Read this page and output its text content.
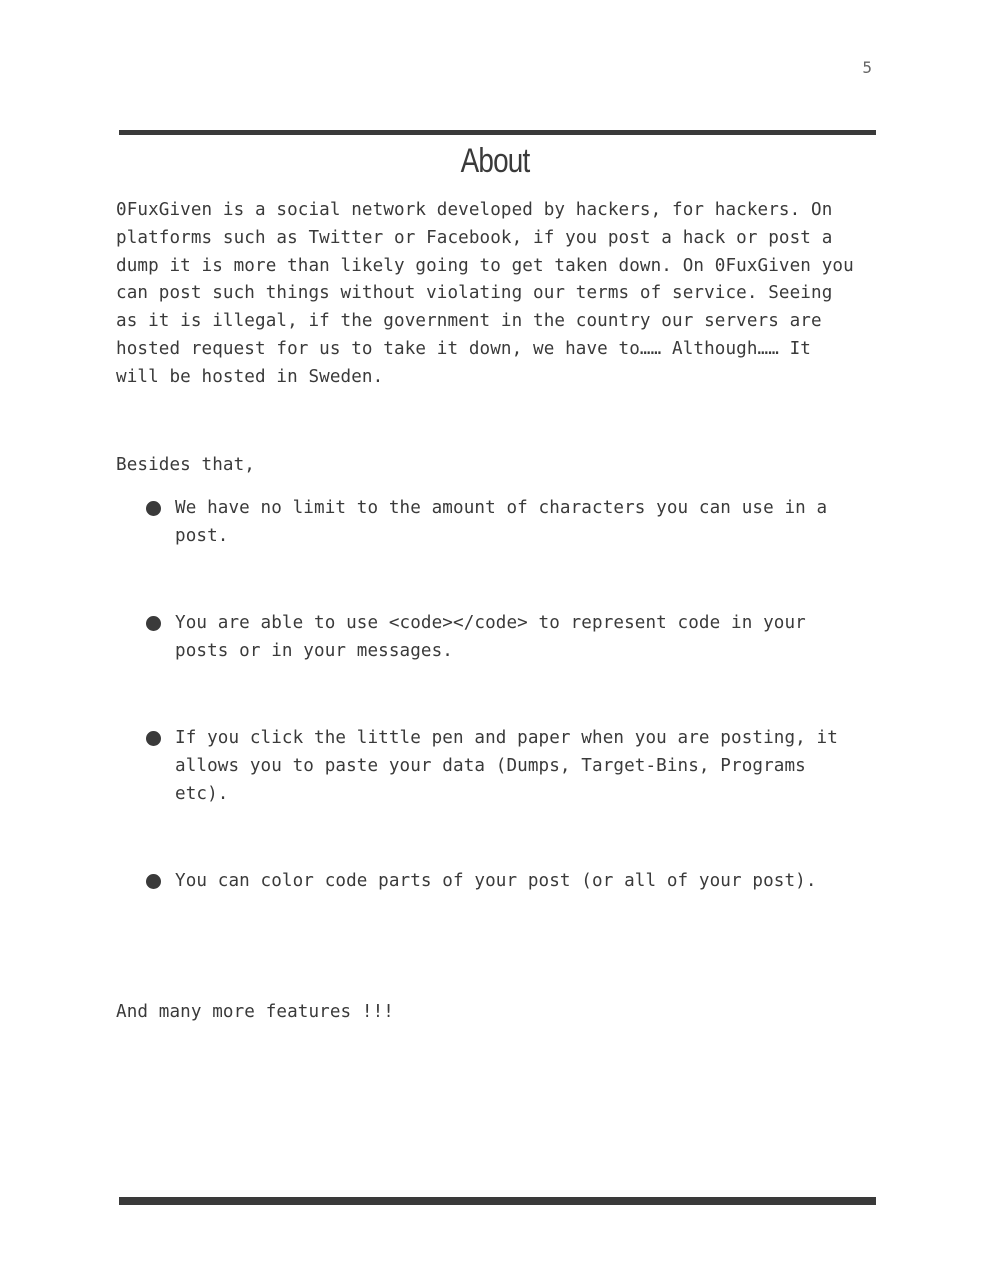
5
About

0FuxGiven is a social network developed by hackers, for hackers. On
platforms such as Twitter or Facebook, if you post a hack or post a
dump it is more than likely going to get taken down. On 0FuxGiven you
can post such things without violating our terms of service. Seeing
as it is illegal, if the government in the country our servers are
hosted request for us to take it down, we have to…… Although…… It
will be hosted in Sweden.

Besides that,

We have no limit to the amount of characters you can use in a
post.

You are able to use <code></code> to represent code in your
posts or in your messages.

If you click the little pen and paper when you are posting, it
allows you to paste your data (Dumps, Target-Bins, Programs
etc).

You can color code parts of your post (or all of your post).

And many more features !!!
